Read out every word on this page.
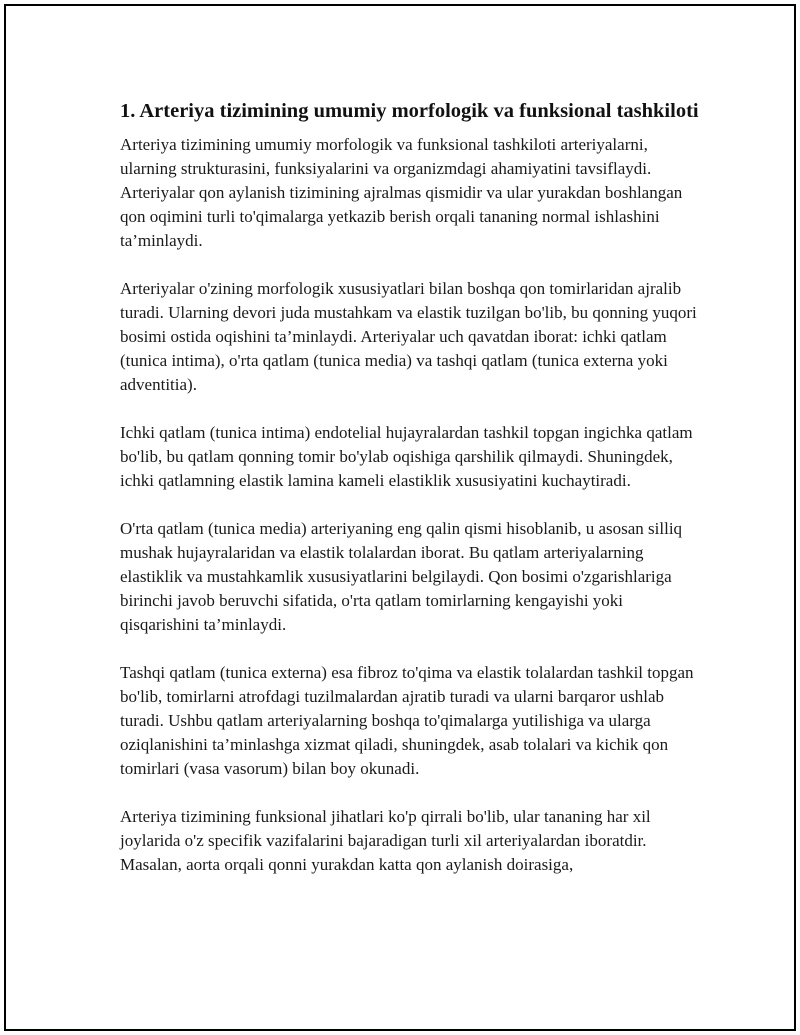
1. Arteriya tizimining umumiy morfologik va funksional tashkiloti

Arteriya tizimining umumiy morfologik va funksional tashkiloti arteriyalarni, ularning strukturasini, funksiyalarini va organizmdagi ahamiyatini tavsiflaydi. Arteriyalar qon aylanish tizimining ajralmas qismidir va ular yurakdan boshlangan qon oqimini turli to'qimalarga yetkazib berish orqali tananing normal ishlashini ta’minlaydi.

Arteriyalar o'zining morfologik xususiyatlari bilan boshqa qon tomirlaridan ajralib turadi. Ularning devori juda mustahkam va elastik tuzilgan bo'lib, bu qonning yuqori bosimi ostida oqishini ta’minlaydi. Arteriyalar uch qavatdan iborat: ichki qatlam (tunica intima), o'rta qatlam (tunica media) va tashqi qatlam (tunica externa yoki adventitia).

Ichki qatlam (tunica intima) endotelial hujayralardan tashkil topgan ingichka qatlam bo'lib, bu qatlam qonning tomir bo'ylab oqishiga qarshilik qilmaydi. Shuningdek, ichki qatlamning elastik lamina kameli elastiklik xususiyatini kuchaytiradi.

O'rta qatlam (tunica media) arteriyaning eng qalin qismi hisoblanib, u asosan silliq mushak hujayralaridan va elastik tolalardan iborat. Bu qatlam arteriyalarning elastiklik va mustahkamlik xususiyatlarini belgilaydi. Qon bosimi o'zgarishlariga birinchi javob beruvchi sifatida, o'rta qatlam tomirlarning kengayishi yoki qisqarishini ta’minlaydi.

Tashqi qatlam (tunica externa) esa fibroz to'qima va elastik tolalardan tashkil topgan bo'lib, tomirlarni atrofdagi tuzilmalardan ajratib turadi va ularni barqaror ushlab turadi. Ushbu qatlam arteriyalarning boshqa to'qimalarga yutilishiga va ularga oziqlanishini ta’minlashga xizmat qiladi, shuningdek, asab tolalari va kichik qon tomirlari (vasa vasorum) bilan boy okunadi.

Arteriya tizimining funksional jihatlari ko'p qirrali bo'lib, ular tananing har xil joylarida o'z specifik vazifalarini bajaradigan turli xil arteriyalardan iboratdir. Masalan, aorta orqali qonni yurakdan katta qon aylanish doirasiga,
